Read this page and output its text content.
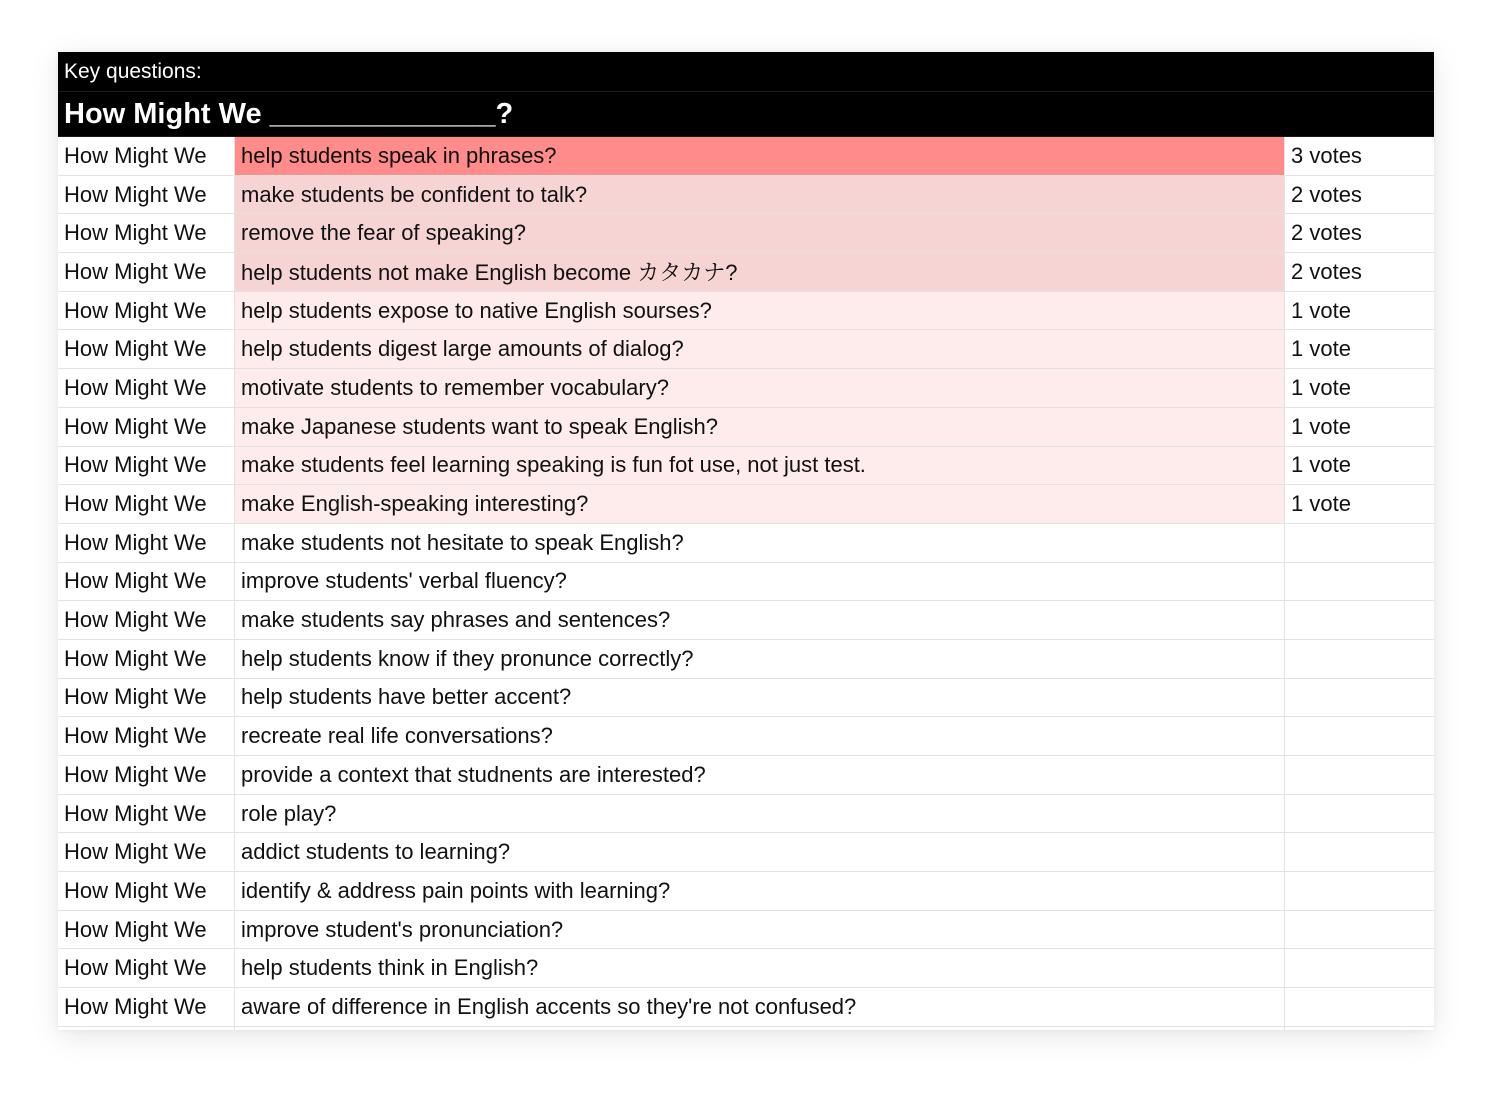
Key questions:
How Might We ______________?
How Might We	help students speak in phrases?	3 votes
How Might We	make students be confident to talk?	2 votes
How Might We	remove the fear of speaking?	2 votes
How Might We	help students not make English become カタカナ?	2 votes
How Might We	help students expose to native English sourses?	1 vote
How Might We	help students digest large amounts of dialog?	1 vote
How Might We	motivate students to remember vocabulary?	1 vote
How Might We	make Japanese students want to speak English?	1 vote
How Might We	make students feel learning speaking is fun fot use, not just test.	1 vote
How Might We	make English-speaking interesting?	1 vote
How Might We	make students not hesitate to speak English?
How Might We	improve students' verbal fluency?
How Might We	make students say phrases and sentences?
How Might We	help students know if they pronunce correctly?
How Might We	help students have better accent?
How Might We	recreate real life conversations?
How Might We	provide a context that studnents are interested?
How Might We	role play?
How Might We	addict students to learning?
How Might We	identify & address pain points with learning?
How Might We	improve student's pronunciation?
How Might We	help students think in English?
How Might We	aware of difference in English accents so they're not confused?
